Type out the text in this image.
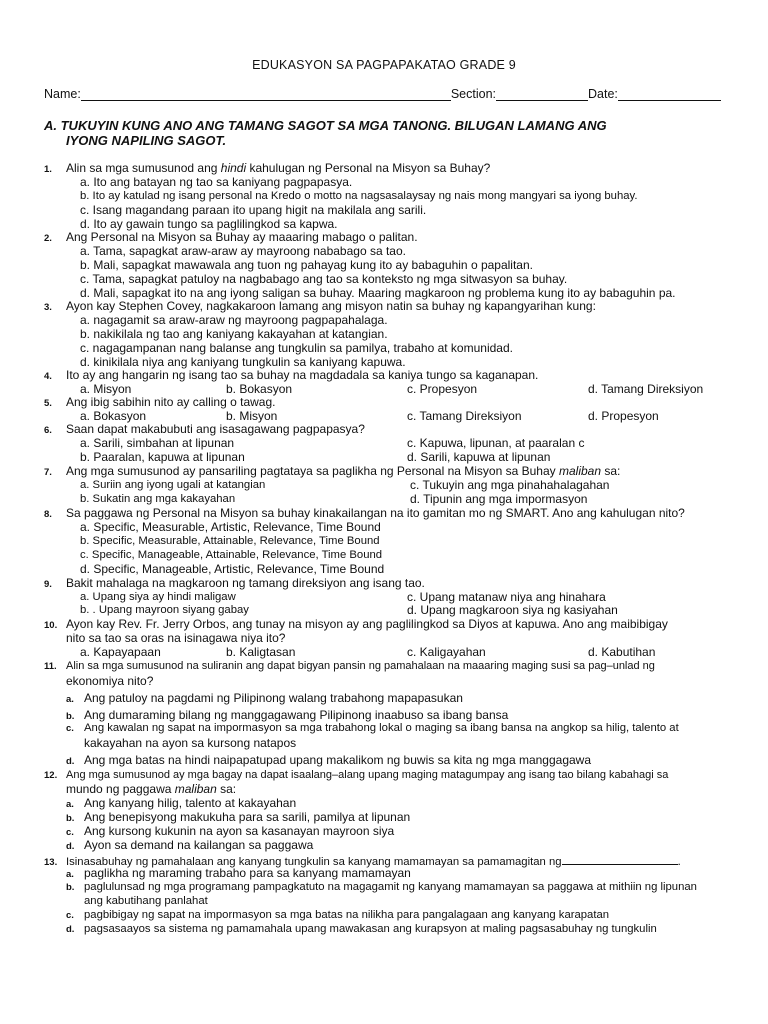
EDUKASYON SA PAGPAPAKATAO GRADE 9
Name:	Section:	Date:
A. TUKUYIN KUNG ANO ANG TAMANG SAGOT SA MGA TANONG. BILUGAN LAMANG ANG
IYONG NAPILING SAGOT.
1. Alin sa mga sumusunod ang hindi kahulugan ng Personal na Misyon sa Buhay?
a. Ito ang batayan ng tao sa kaniyang pagpapasya.
b. Ito ay katulad ng isang personal na Kredo o motto na nagsasalaysay ng nais mong mangyari sa iyong buhay.
c. Isang magandang paraan ito upang higit na makilala ang sarili.
d. Ito ay gawain tungo sa paglilingkod sa kapwa.
2. Ang Personal na Misyon sa Buhay ay maaaring mabago o palitan.
a. Tama, sapagkat araw-araw ay mayroong nababago sa tao.
b. Mali, sapagkat mawawala ang tuon ng pahayag kung ito ay babaguhin o papalitan.
c. Tama, sapagkat patuloy na nagbabago ang tao sa konteksto ng mga sitwasyon sa buhay.
d. Mali, sapagkat ito na ang iyong saligan sa buhay. Maaring magkaroon ng problema kung ito ay babaguhin pa.
3. Ayon kay Stephen Covey, nagkakaroon lamang ang misyon natin sa buhay ng kapangyarihan kung:
a. nagagamit sa araw-araw ng mayroong pagpapahalaga.
b. nakikilala ng tao ang kaniyang kakayahan at katangian.
c. nagagampanan nang balanse ang tungkulin sa pamilya, trabaho at komunidad.
d. kinikilala niya ang kaniyang tungkulin sa kaniyang kapuwa.
4. Ito ay ang hangarin ng isang tao sa buhay na magdadala sa kaniya tungo sa kaganapan.
a. Misyon	b. Bokasyon	c. Propesyon	d. Tamang Direksiyon
5. Ang ibig sabihin nito ay calling o tawag.
a. Bokasyon	b. Misyon	c. Tamang Direksiyon	d. Propesyon
6. Saan dapat makabubuti ang isasagawang pagpapasya?
a. Sarili, simbahan at lipunan	c. Kapuwa, lipunan, at paaralan c
b. Paaralan, kapuwa at lipunan	d. Sarili, kapuwa at lipunan
7. Ang mga sumusunod ay pansariling pagtataya sa paglikha ng Personal na Misyon sa Buhay maliban sa:
a. Suriin ang iyong ugali at katangian	c. Tukuyin ang mga pinahahalagahan
b. Sukatin ang mga kakayahan	d. Tipunin ang mga impormasyon
8. Sa paggawa ng Personal na Misyon sa buhay kinakailangan na ito gamitan mo ng SMART. Ano ang kahulugan nito?
a. Specific, Measurable, Artistic, Relevance, Time Bound
b. Specific, Measurable, Attainable, Relevance, Time Bound
c. Specific, Manageable, Attainable, Relevance, Time Bound
d. Specific, Manageable, Artistic, Relevance, Time Bound
9. Bakit mahalaga na magkaroon ng tamang direksiyon ang isang tao.
a. Upang siya ay hindi maligaw	c. Upang matanaw niya ang hinahara
b. . Upang mayroon siyang gabay	d. Upang magkaroon siya ng kasiyahan
10. Ayon kay Rev. Fr. Jerry Orbos, ang tunay na misyon ay ang paglilingkod sa Diyos at kapuwa. Ano ang maibibigay
nito sa tao sa oras na isinagawa niya ito?
a. Kapayapaan	b. Kaligtasan	c. Kaligayahan	d. Kabutihan
11. Alin sa mga sumusunod na suliranin ang dapat bigyan pansin ng pamahalaan na maaaring maging susi sa pag–unlad ng
ekonomiya nito?
a. Ang patuloy na pagdami ng Pilipinong walang trabahong mapapasukan
b. Ang dumaraming bilang ng manggagawang Pilipinong inaabuso sa ibang bansa
c. Ang kawalan ng sapat na impormasyon sa mga trabahong lokal o maging sa ibang bansa na angkop sa hilig, talento at
kakayahan na ayon sa kursong natapos
d. Ang mga batas na hindi naipapatupad upang makalikom ng buwis sa kita ng mga manggagawa
12. Ang mga sumusunod ay mga bagay na dapat isaalang–alang upang maging matagumpay ang isang tao bilang kabahagi sa
mundo ng paggawa maliban sa:
a. Ang kanyang hilig, talento at kakayahan
b. Ang benepisyong makukuha para sa sarili, pamilya at lipunan
c. Ang kursong kukunin na ayon sa kasanayan mayroon siya
d. Ayon sa demand na kailangan sa paggawa
13. Isinasabuhay ng pamahalaan ang kanyang tungkulin sa kanyang mamamayan sa pamamagitan ng	.
a. paglikha ng maraming trabaho para sa kanyang mamamayan
b. paglulunsad ng mga programang pampagkatuto na magagamit ng kanyang mamamayan sa paggawa at mithiin ng lipunan
ang kabutihang panlahat
c. pagbibigay ng sapat na impormasyon sa mga batas na nilikha para pangalagaan ang kanyang karapatan
d. pagsasaayos sa sistema ng pamamahala upang mawakasan ang kurapsyon at maling pagsasabuhay ng tungkulin
